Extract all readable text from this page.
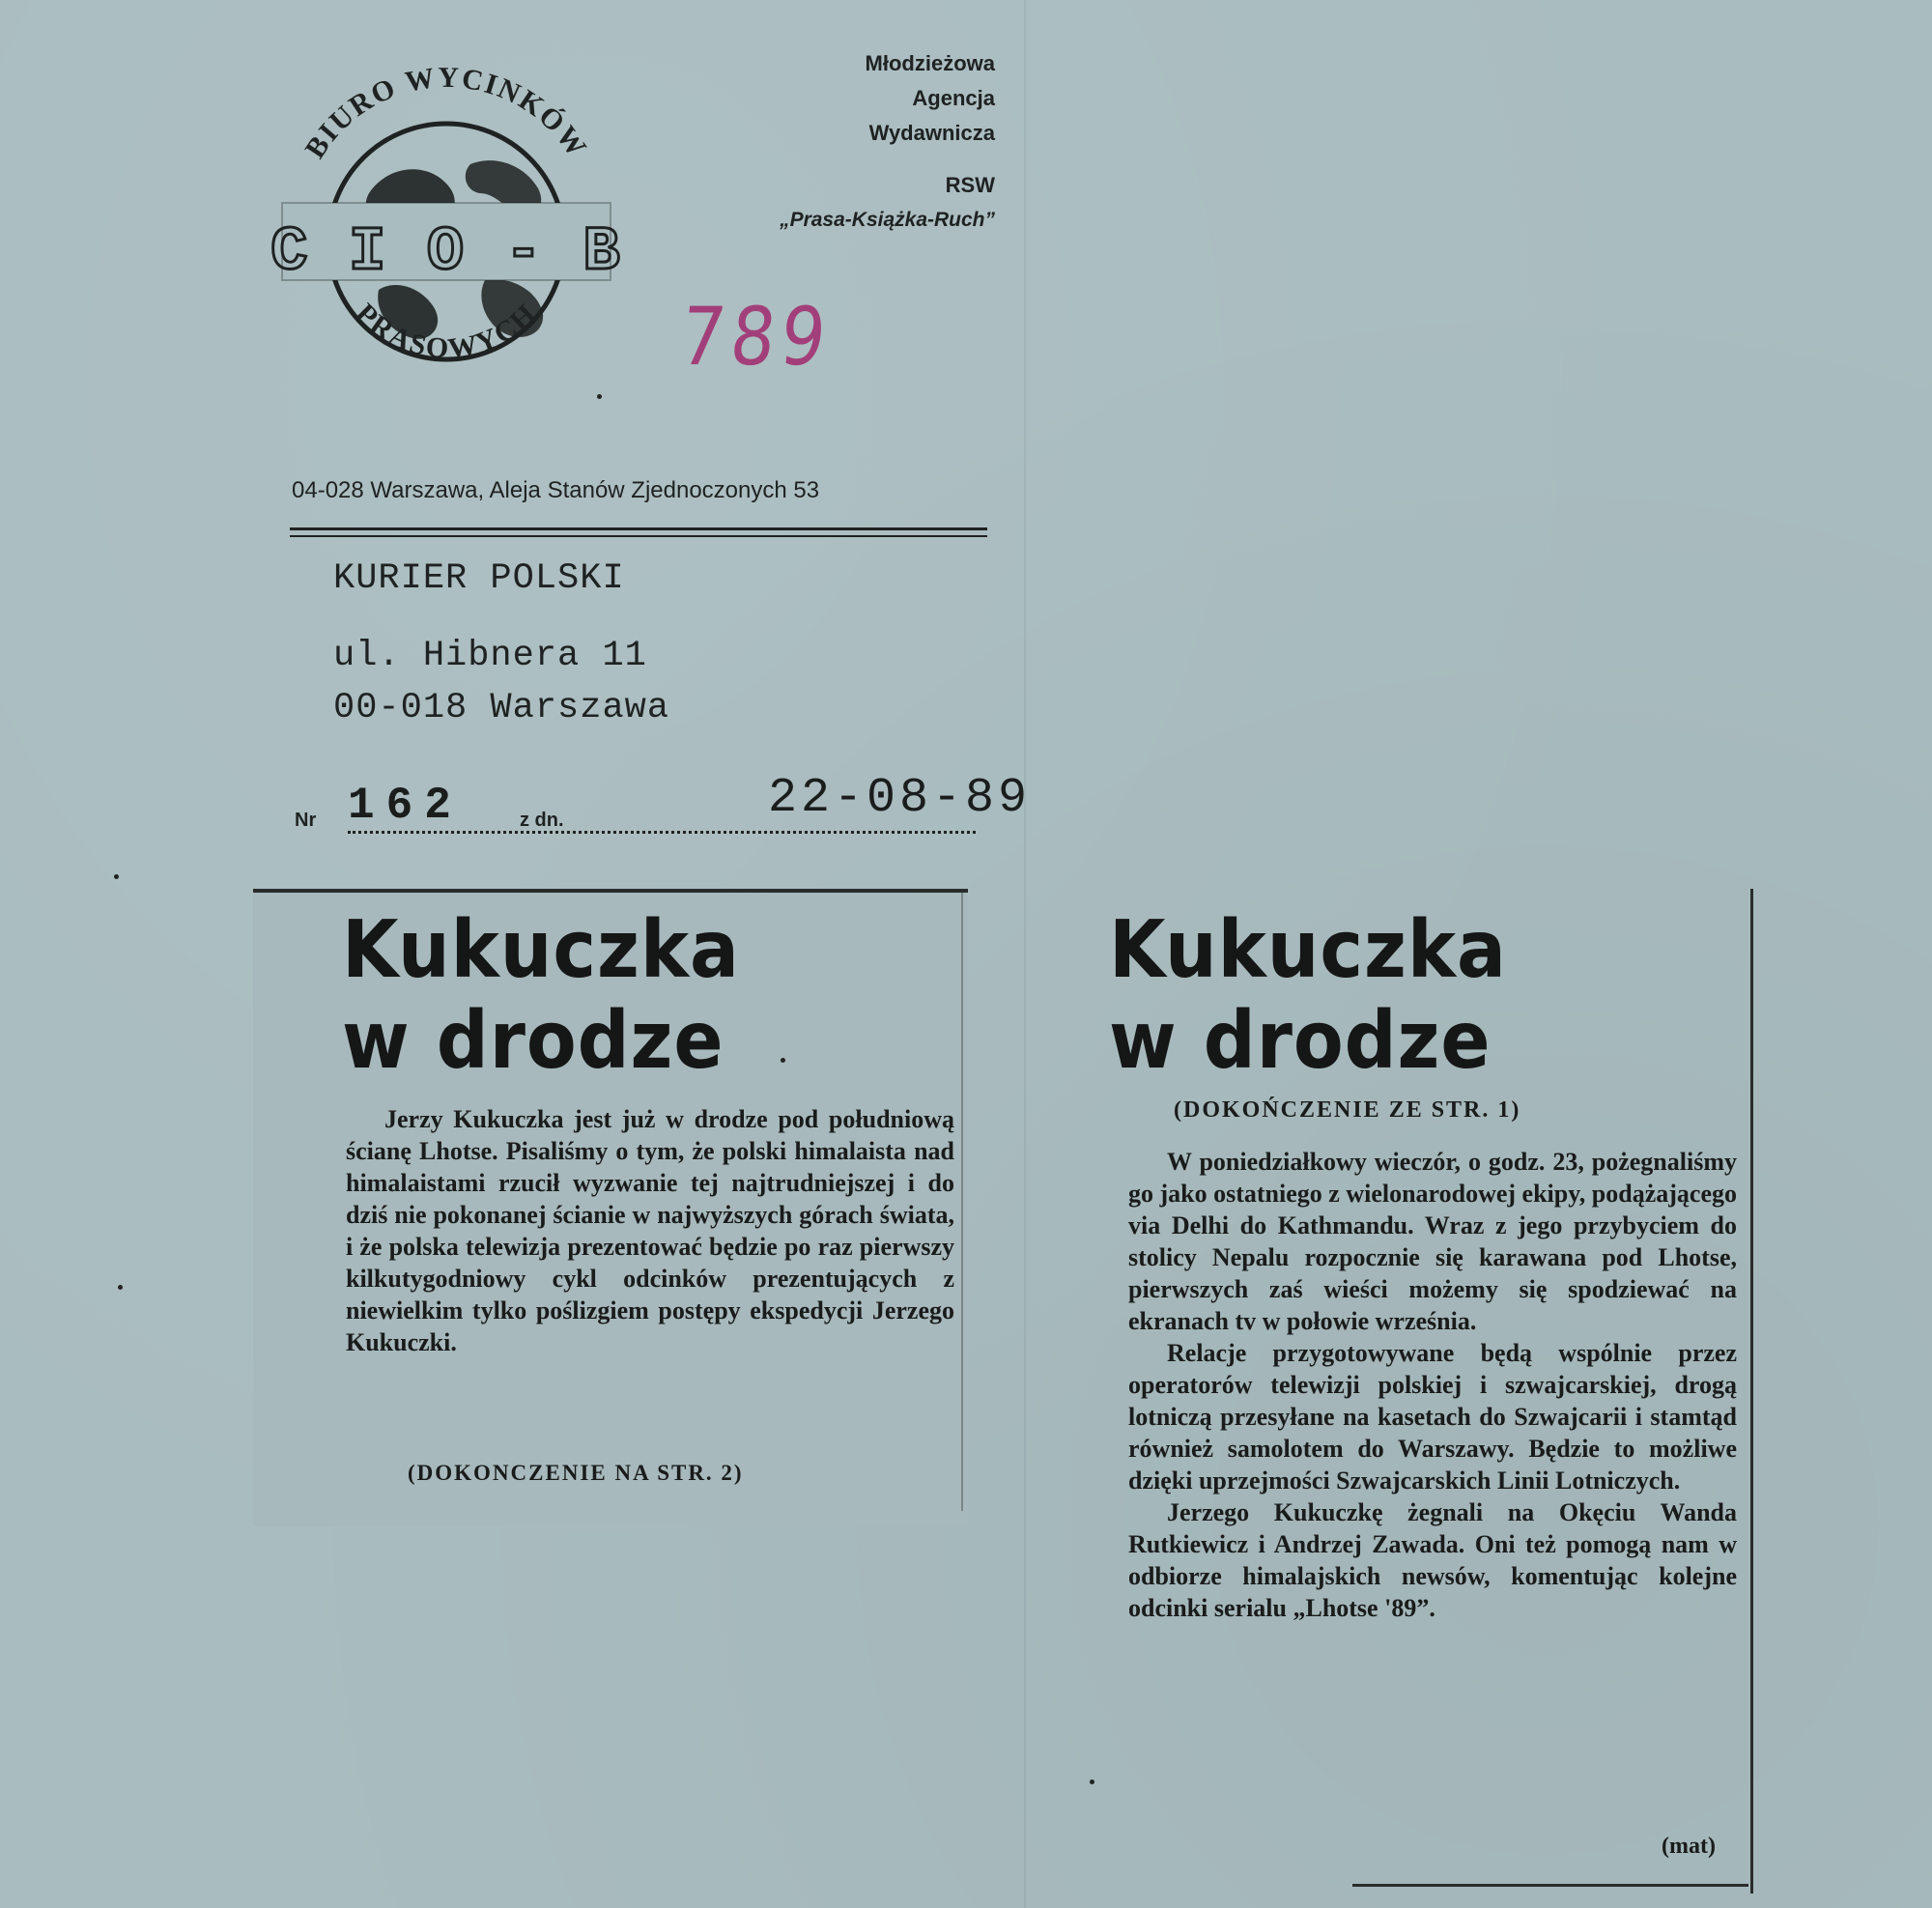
C I O - B
BIURO WYCINKÓW
PRASOWYCH
Młodzieżowa
Agencja
Wydawnicza
RSW
„Prasa-Książka-Ruch”
789
04-028 Warszawa, Aleja Stanów Zjednoczonych 53
KURIER POLSKI
ul. Hibnera 11
00-018 Warszawa
Nr 162	z dn.	22-08-89
Kukuczka
w drodze

Jerzy Kukuczka jest już w drodze pod południową ścianę Lhotse. Pisaliśmy o tym, że polski himalaista nad himalaistami rzucił wyzwanie tej najtrudniejszej i do dziś nie pokonanej ścianie w najwyższych górach świata, i że polska telewizja prezentować będzie po raz pierwszy kilkutygodniowy cykl odcinków prezentujących z niewielkim tylko poślizgiem postępy ekspedycji Jerzego Kukuczki.

(DOKONCZENIE NA STR. 2)
Kukuczka
w drodze
(DOKOŃCZENIE ZE STR. 1)

W poniedziałkowy wieczór, o godz. 23, pożegnaliśmy go jako ostatniego z wielonarodowej ekipy, podążającego via Delhi do Kathmandu. Wraz z jego przybyciem do stolicy Nepalu rozpocznie się karawana pod Lhotse, pierwszych zaś wieści możemy się spodziewać na ekranach tv w połowie września.

Relacje przygotowywane będą wspólnie przez operatorów telewizji polskiej i szwajcarskiej, drogą lotniczą przesyłane na kasetach do Szwajcarii i stamtąd również samolotem do Warszawy. Będzie to możliwe dzięki uprzejmości Szwajcarskich Linii Lotniczych.

Jerzego Kukuczkę żegnali na Okęciu Wanda Rutkiewicz i Andrzej Zawada. Oni też pomogą nam w odbiorze himalajskich newsów, komentując kolejne odcinki serialu „Lhotse '89”.

(mat)
